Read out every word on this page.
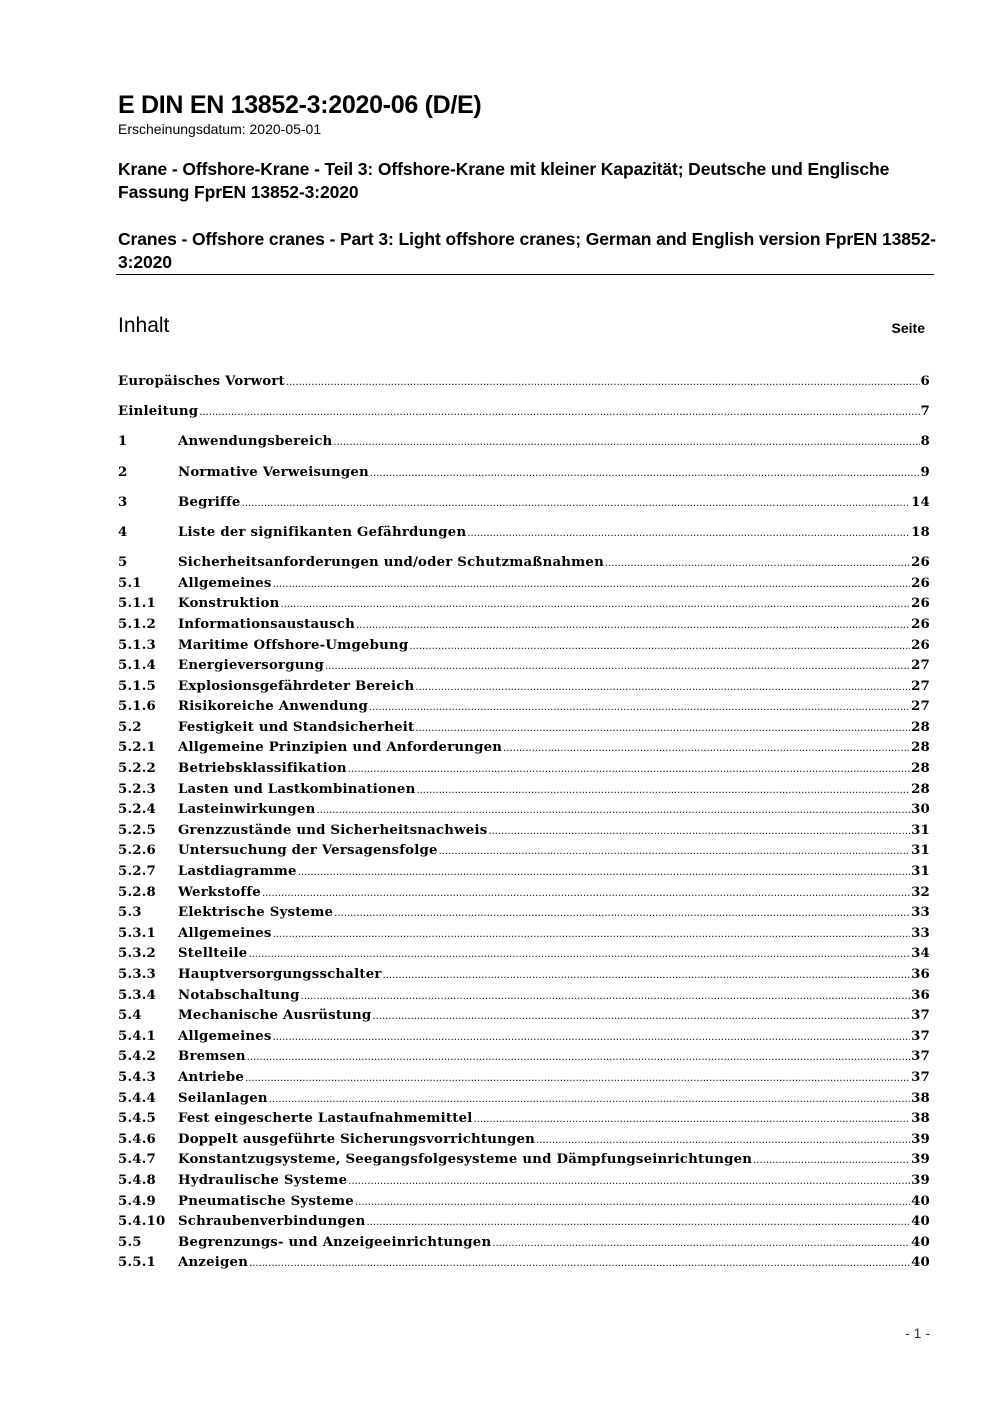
E DIN EN 13852-3:2020-06 (D/E)
Erscheinungsdatum: 2020-05-01
Krane - Offshore-Krane - Teil 3: Offshore-Krane mit kleiner Kapazität; Deutsche und Englische Fassung FprEN 13852-3:2020
Cranes - Offshore cranes - Part 3: Light offshore cranes; German and English version FprEN 13852-3:2020
Inhalt	Seite
Europäisches Vorwort .....	6
Einleitung .....	7
1	Anwendungsbereich .....	8
2	Normative Verweisungen .....	9
3	Begriffe .....	14
4	Liste der signifikanten Gefährdungen .....	18
5	Sicherheitsanforderungen und/oder Schutzmaßnahmen .....	26
5.1	Allgemeines .....	26
5.1.1	Konstruktion .....	26
5.1.2	Informationsaustausch .....	26
5.1.3	Maritime Offshore-Umgebung .....	26
5.1.4	Energieversorgung .....	27
5.1.5	Explosionsgefährdeter Bereich .....	27
5.1.6	Risikoreiche Anwendung .....	27
5.2	Festigkeit und Standsicherheit .....	28
5.2.1	Allgemeine Prinzipien und Anforderungen .....	28
5.2.2	Betriebsklassifikation .....	28
5.2.3	Lasten und Lastkombinationen .....	28
5.2.4	Lasteinwirkungen .....	30
5.2.5	Grenzzustände und Sicherheitsnachweis .....	31
5.2.6	Untersuchung der Versagensfolge .....	31
5.2.7	Lastdiagramme .....	31
5.2.8	Werkstoffe .....	32
5.3	Elektrische Systeme .....	33
5.3.1	Allgemeines .....	33
5.3.2	Stellteile .....	34
5.3.3	Hauptversorgungsschalter .....	36
5.3.4	Notabschaltung .....	36
5.4	Mechanische Ausrüstung .....	37
5.4.1	Allgemeines .....	37
5.4.2	Bremsen .....	37
5.4.3	Antriebe .....	37
5.4.4	Seilanlagen .....	38
5.4.5	Fest eingescherte Lastaufnahmemittel .....	38
5.4.6	Doppelt ausgeführte Sicherungsvorrichtungen .....	39
5.4.7	Konstantzugsysteme, Seegangsfolgesysteme und Dämpfungseinrichtungen .....	39
5.4.8	Hydraulische Systeme .....	39
5.4.9	Pneumatische Systeme .....	40
5.4.10 Schraubenverbindungen .....	40
5.5	Begrenzungs- und Anzeigeeinrichtungen .....	40
5.5.1	Anzeigen .....	40
- 1 -
